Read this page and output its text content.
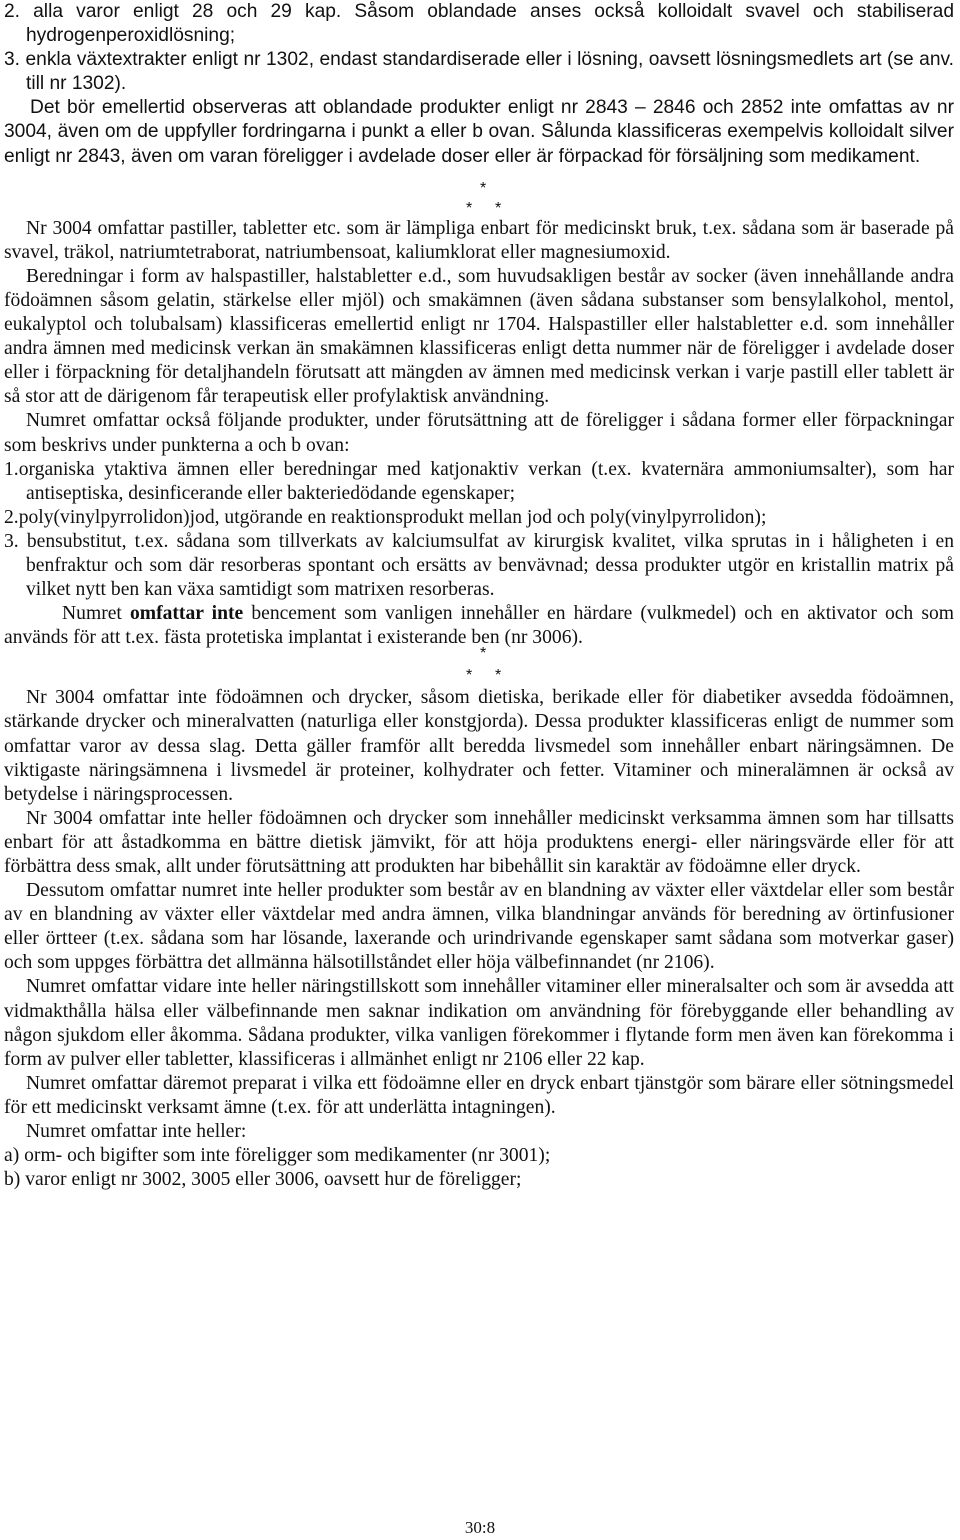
2. alla varor enligt 28 och 29 kap. Såsom oblandade anses också kolloidalt svavel och stabiliserad hydrogenperoxidlösning;

3. enkla växtextrakter enligt nr 1302, endast standardiserade eller i lösning, oavsett lösningsmedlets art (se anv. till nr 1302).

Det bör emellertid observeras att oblandade produkter enligt nr 2843 – 2846 och 2852 inte omfattas av nr 3004, även om de uppfyller fordringarna i punkt a eller b ovan. Sålunda klassificeras exempelvis kolloidalt silver enligt nr 2843, även om varan föreligger i avdelade doser eller är förpackad för försäljning som medikament.

*
* *

Nr 3004 omfattar pastiller, tabletter etc. som är lämpliga enbart för medicinskt bruk, t.ex. sådana som är baserade på svavel, träkol, natriumtetraborat, natriumbensoat, kaliumklorat eller magnesiumoxid.

Beredningar i form av halspastiller, halstabletter e.d., som huvudsakligen består av socker (även innehållande andra födoämnen såsom gelatin, stärkelse eller mjöl) och smakämnen (även sådana substanser som bensylalkohol, mentol, eukalyptol och tolubalsam) klassificeras emellertid enligt nr 1704. Halspastiller eller halstabletter e.d. som innehåller andra ämnen med medicinsk verkan än smakämnen klassificeras enligt detta nummer när de föreligger i avdelade doser eller i förpackning för detaljhandeln förutsatt att mängden av ämnen med medicinsk verkan i varje pastill eller tablett är så stor att de därigenom får terapeutisk eller profylaktisk användning.

Numret omfattar också följande produkter, under förutsättning att de föreligger i sådana former eller förpackningar som beskrivs under punkterna a och b ovan:

1.organiska ytaktiva ämnen eller beredningar med katjonaktiv verkan (t.ex. kvaternära ammoniumsalter), som har antiseptiska, desinficerande eller bakteriedödande egenskaper;

2.poly(vinylpyrrolidon)jod, utgörande en reaktionsprodukt mellan jod och poly(vinylpyrrolidon);

3. bensubstitut, t.ex. sådana som tillverkats av kalciumsulfat av kirurgisk kvalitet, vilka sprutas in i håligheten i en benfraktur och som där resorberas spontant och ersätts av benvävnad; dessa produkter utgör en kristallin matrix på vilket nytt ben kan växa samtidigt som matrixen resorberas.

Numret omfattar inte bencement som vanligen innehåller en härdare (vulkmedel) och en aktivator och som används för att t.ex. fästa protetiska implantat i existerande ben (nr 3006).

*
* *

Nr 3004 omfattar inte födoämnen och drycker, såsom dietiska, berikade eller för diabetiker avsedda födoämnen, stärkande drycker och mineralvatten (naturliga eller konstgjorda). Dessa produkter klassificeras enligt de nummer som omfattar varor av dessa slag. Detta gäller framför allt beredda livsmedel som innehåller enbart näringsämnen. De viktigaste näringsämnena i livsmedel är proteiner, kolhydrater och fetter. Vitaminer och mineralämnen är också av betydelse i näringsprocessen.

Nr 3004 omfattar inte heller födoämnen och drycker som innehåller medicinskt verksamma ämnen som har tillsatts enbart för att åstadkomma en bättre dietisk jämvikt, för att höja produktens energi- eller näringsvärde eller för att förbättra dess smak, allt under förutsättning att produkten har bibehållit sin karaktär av födoämne eller dryck.

Dessutom omfattar numret inte heller produkter som består av en blandning av växter eller växtdelar eller som består av en blandning av växter eller växtdelar med andra ämnen, vilka blandningar används för beredning av örtinfusioner eller örtteer (t.ex. sådana som har lösande, laxerande och urindrivande egenskaper samt sådana som motverkar gaser) och som uppges förbättra det allmänna hälsotillståndet eller höja välbefinnandet (nr 2106).

Numret omfattar vidare inte heller näringstillskott som innehåller vitaminer eller mineralsalter och som är avsedda att vidmakthålla hälsa eller välbefinnande men saknar indikation om användning för förebyggande eller behandling av någon sjukdom eller åkomma. Sådana produkter, vilka vanligen förekommer i flytande form men även kan förekomma i form av pulver eller tabletter, klassificeras i allmänhet enligt nr 2106 eller 22 kap.

Numret omfattar däremot preparat i vilka ett födoämne eller en dryck enbart tjänstgör som bärare eller sötningsmedel för ett medicinskt verksamt ämne (t.ex. för att underlätta intagningen).

Numret omfattar inte heller:

a) orm- och bigifter som inte föreligger som medikamenter (nr 3001);

b) varor enligt nr 3002, 3005 eller 3006, oavsett hur de föreligger;

30:8
